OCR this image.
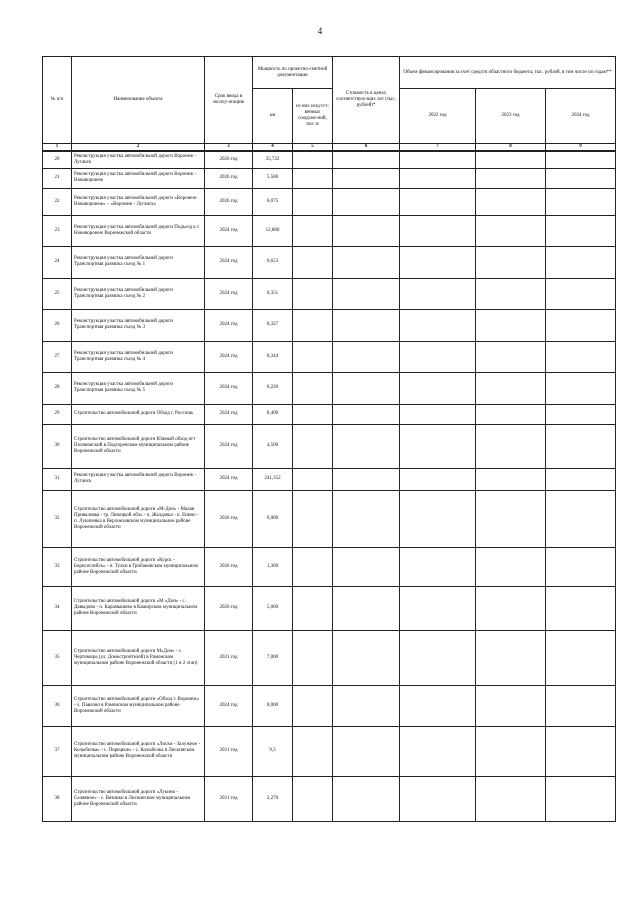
4
№ п/п	Наименование объекта	Срок ввода в эксплу-атацию	Мощность по проектно-сметной документации		Стоимость в ценах соответствую-щих лет (тыс. рублей)*	Объем финансирования за счет средств областного бюджета, тыс. рублей, в том числе по годам**		
			км	из них искусст-венных сооруже-ний, пог. м		2022 год	2023 год	2024 год
1	2	3	4	5	6	7	8	9
20	Реконструкция участка автомобильной дороги Воронеж - Луганск	2026 год	35,722					
21	Реконструкция участка автомобильной дороги Воронеж - Нововоронеж	2026 год	5,580					
22	Реконструкция участка автомобильной дороги «Воронеж-Нововоронеж» – «Воронеж - Луганск»	2026 год	6,075					
23	Реконструкция участка автомобильной дороги Подъезд к г. Нововоронеж Воронежской области	2024 год	12,880					
24	Реконструкция участка автомобильной дороги Транспортная развязка съезд № 1	2024 год	0,653					
25	Реконструкция участка автомобильной дороги Транспортная развязка съезд № 2	2024 год	0,351					
26	Реконструкция участка автомобильной дороги Транспортная развязка съезд № 3	2024 год	0,327					
27	Реконструкция участка автомобильной дороги Транспортная развязка съезд № 4	2024 год	0,344					
28	Реконструкция участка автомобильной дороги Транспортная развязка съезд № 5	2024 год	0,220					
29	Строительство автомобильной дороги Обход г. Россошь	2024 год	8,400					
30	Строительство автомобильной дороги Южный обход пгт Поляновский в Подгоренском муниципальном районе Воронежской области	2024 год	4,500					
31	Реконструкция участка автомобильной дороги Воронеж - Луганск	2024 год	241,352					
32	Строительство автомобильной дороги «М-Дон» - Малая Приваловка - гр. Липецкой обл» - п. Жалдачка - п. Енино - п. Лукичевка в Верхнехавском муниципальном районе Воронежской области	2026 год	6,000					
33	Строительство автомобильной дороги «Курск - Борисоглебск» - п. Тулки в Грибановском муниципальном районе Воронежской области	2026 год	1,300					
34	Строительство автомобильной дороги «М «Дон» - с. Давыдово - п. Карамышево в Каширском муниципальном районе Воронежской области	2026 год	5,000					
35	Строительство автомобильной дороги М«Дон» - с. Чертовицы (ул. Домостроителей) в Рамонском муниципальном районе Воронежской области (1 и 2 этап)	2031 год	7,000					
36	Строительство автомобильной дороги «Обход г. Воронеж» - х. Павлово в Рамонском муниципальном районе Воронежской области	2024 год	8,000					
37	Строительство автомобильной дороги «Лиски - Залужное - Колыбелка» - с. Порецкое» - с. Колыбелка в Лискинском муниципальном районе Воронежской области	2031 год	9,3					
38	Строительство автомобильной дороги «Лукино - Селявное» - с. Вязники в Лискинском муниципальном районе Воронежской области	2031 год	2,270					
